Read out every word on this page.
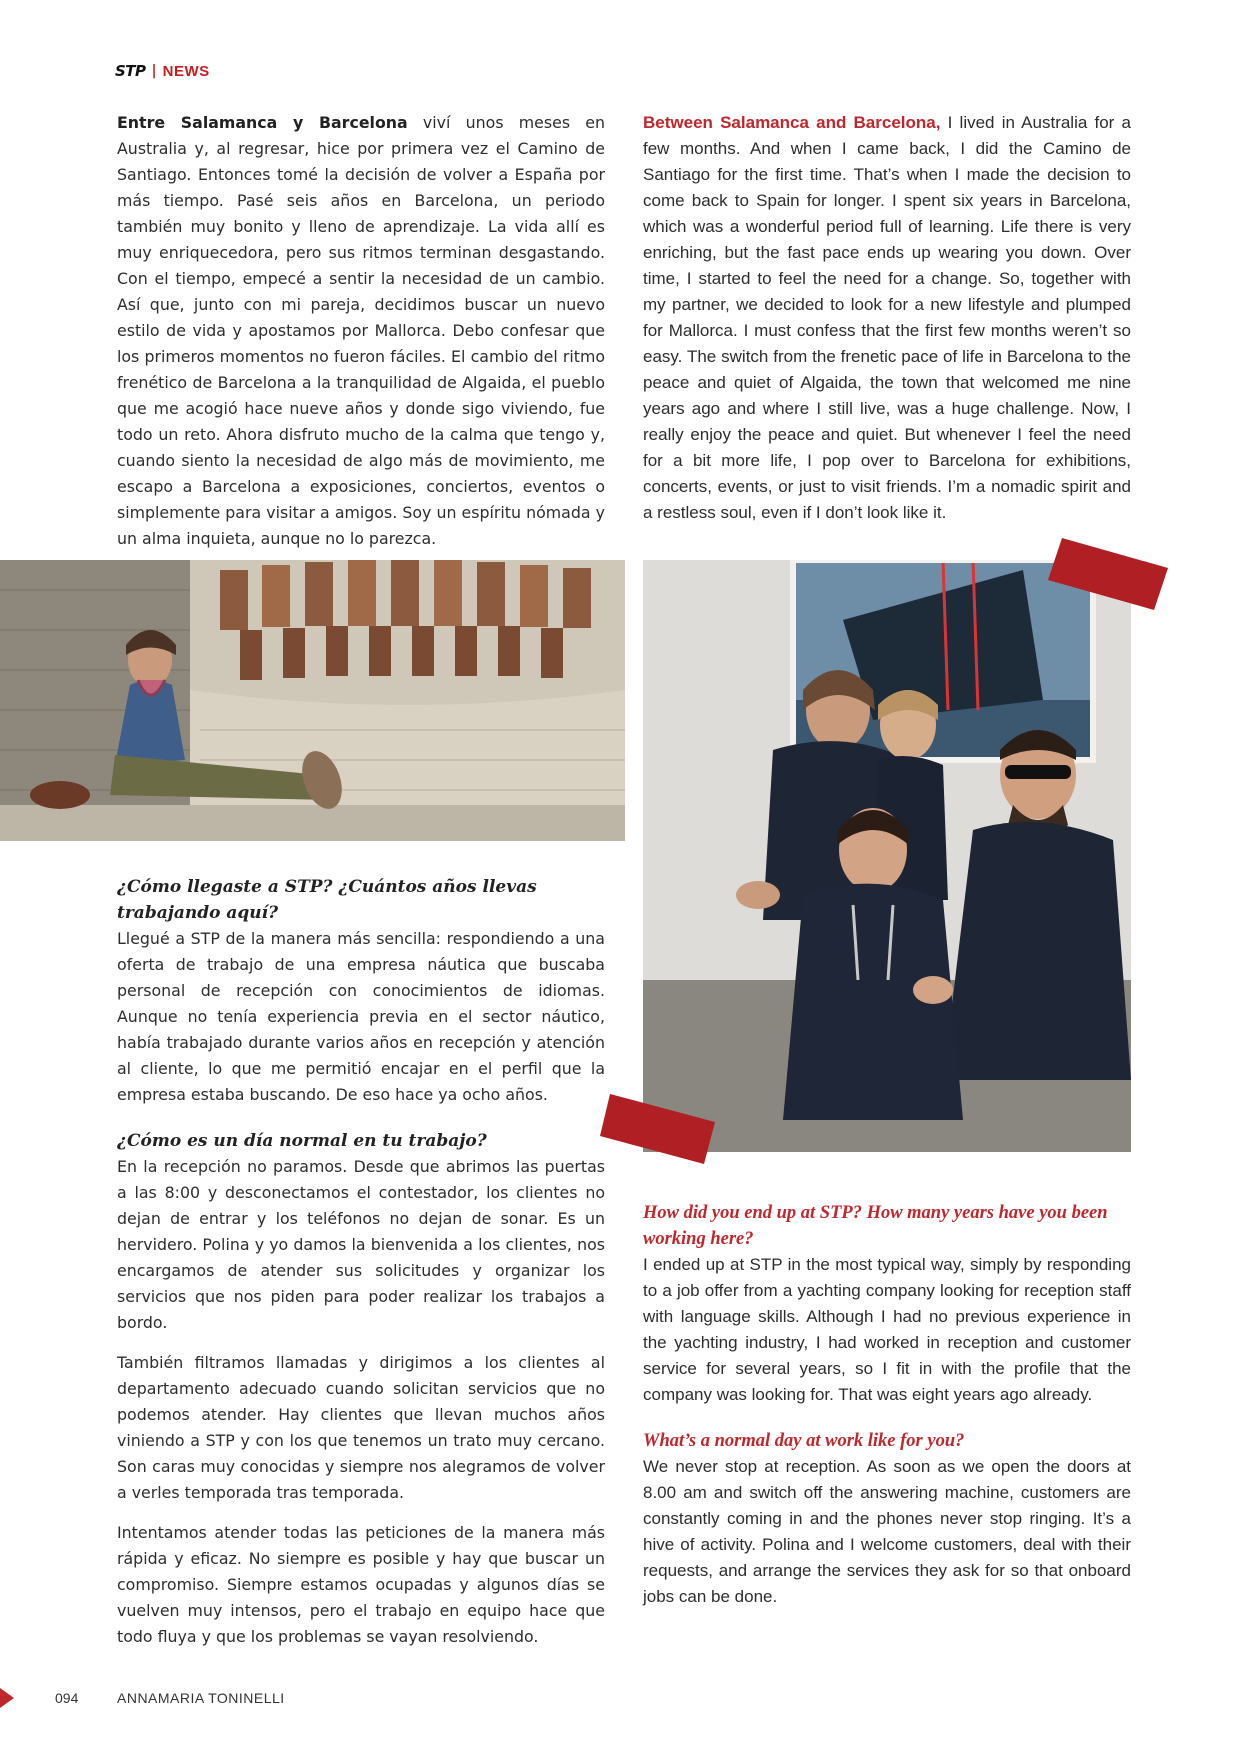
STP | NEWS

Entre Salamanca y Barcelona viví unos meses en Australia y, al regresar, hice por primera vez el Camino de Santiago. Entonces tomé la decisión de volver a España por más tiempo. Pasé seis años en Barcelona, un periodo también muy bonito y lleno de aprendizaje. La vida allí es muy enriquecedora, pero sus ritmos terminan desgastando. Con el tiempo, empecé a sentir la necesidad de un cambio. Así que, junto con mi pareja, decidimos buscar un nuevo estilo de vida y apostamos por Mallorca. Debo confesar que los primeros momentos no fueron fáciles. El cambio del ritmo frenético de Barcelona a la tranquilidad de Algaida, el pueblo que me acogió hace nueve años y donde sigo viviendo, fue todo un reto. Ahora disfruto mucho de la calma que tengo y, cuando siento la necesidad de algo más de movimiento, me escapo a Barcelona a exposiciones, conciertos, eventos o simplemente para visitar a amigos. Soy un espíritu nómada y un alma inquieta, aunque no lo parezca.

Between Salamanca and Barcelona, I lived in Australia for a few months. And when I came back, I did the Camino de Santiago for the first time. That’s when I made the decision to come back to Spain for longer. I spent six years in Barcelona, which was a wonderful period full of learning. Life there is very enriching, but the fast pace ends up wearing you down. Over time, I started to feel the need for a change. So, together with my partner, we decided to look for a new lifestyle and plumped for Mallorca. I must confess that the first few months weren’t so easy. The switch from the frenetic pace of life in Barcelona to the peace and quiet of Algaida, the town that welcomed me nine years ago and where I still live, was a huge challenge. Now, I really enjoy the peace and quiet. But whenever I feel the need for a bit more life, I pop over to Barcelona for exhibitions, concerts, events, or just to visit friends. I’m a nomadic spirit and a restless soul, even if I don’t look like it.

¿Cómo llegaste a STP? ¿Cuántos años llevas trabajando aquí?

Llegué a STP de la manera más sencilla: respondiendo a una oferta de trabajo de una empresa náutica que buscaba personal de recepción con conocimientos de idiomas. Aunque no tenía experiencia previa en el sector náutico, había trabajado durante varios años en recepción y atención al cliente, lo que me permitió encajar en el perfil que la empresa estaba buscando. De eso hace ya ocho años.

¿Cómo es un día normal en tu trabajo?

En la recepción no paramos. Desde que abrimos las puertas a las 8:00 y desconectamos el contestador, los clientes no dejan de entrar y los teléfonos no dejan de sonar. Es un hervidero. Polina y yo damos la bienvenida a los clientes, nos encargamos de atender sus solicitudes y organizar los servicios que nos piden para poder realizar los trabajos a bordo.

También filtramos llamadas y dirigimos a los clientes al departamento adecuado cuando solicitan servicios que no podemos atender. Hay clientes que llevan muchos años viniendo a STP y con los que tenemos un trato muy cercano. Son caras muy conocidas y siempre nos alegramos de volver a verles temporada tras temporada.

Intentamos atender todas las peticiones de la manera más rápida y eficaz. No siempre es posible y hay que buscar un compromiso. Siempre estamos ocupadas y algunos días se vuelven muy intensos, pero el trabajo en equipo hace que todo fluya y que los problemas se vayan resolviendo.

How did you end up at STP? How many years have you been working here?

I ended up at STP in the most typical way, simply by responding to a job offer from a yachting company looking for reception staff with language skills. Although I had no previous experience in the yachting industry, I had worked in reception and customer service for several years, so I fit in with the profile that the company was looking for. That was eight years ago already.

What’s a normal day at work like for you?

We never stop at reception. As soon as we open the doors at 8.00 am and switch off the answering machine, customers are constantly coming in and the phones never stop ringing. It’s a hive of activity. Polina and I welcome customers, deal with their requests, and arrange the services they ask for so that onboard jobs can be done.

094	ANNAMARIA TONINELLI
